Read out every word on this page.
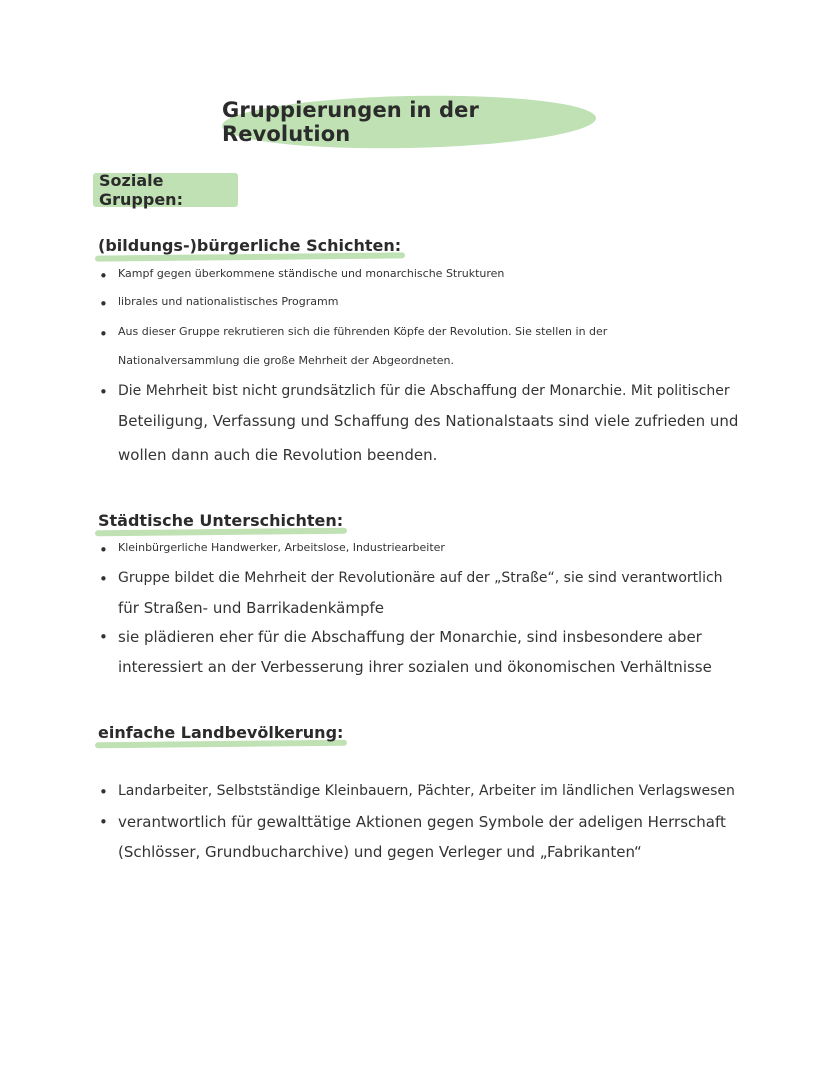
Gruppierungen in der Revolution
Soziale Gruppen:
(bildungs-)bürgerliche Schichten:
• Kampf gegen überkommene ständische und monarchische Strukturen
• librales und nationalistisches Programm
• Aus dieser Gruppe rekrutieren sich die führenden Köpfe der Revolution. Sie stellen in der
Nationalversammlung die große Mehrheit der Abgeordneten.
• Die Mehrheit bist nicht grundsätzlich für die Abschaffung der Monarchie. Mit politischer
Beteiligung, Verfassung und Schaffung des Nationalstaats sind viele zufrieden und
wollen dann auch die Revolution beenden.
Städtische Unterschichten:
• Kleinbürgerliche Handwerker, Arbeitslose, Industriearbeiter
• Gruppe bildet die Mehrheit der Revolutionäre auf der „Straße“, sie sind verantwortlich
für Straßen- und Barrikadenkämpfe
• sie plädieren eher für die Abschaffung der Monarchie, sind insbesondere aber
interessiert an der Verbesserung ihrer sozialen und ökonomischen Verhältnisse
einfache Landbevölkerung:
• Landarbeiter, Selbstständige Kleinbauern, Pächter, Arbeiter im ländlichen Verlagswesen
• verantwortlich für gewalttätige Aktionen gegen Symbole der adeligen Herrschaft
(Schlösser, Grundbucharchive) und gegen Verleger und „Fabrikanten“
